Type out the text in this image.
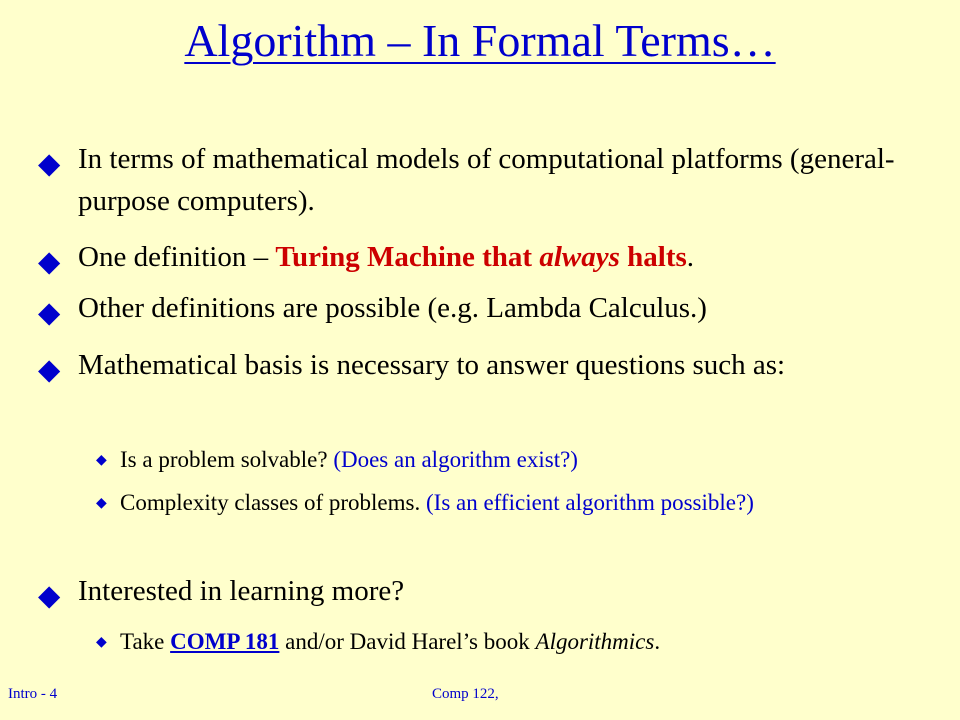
Algorithm – In Formal Terms…
◆ In terms of mathematical models of computational platforms (general-purpose computers).
◆ One definition – Turing Machine that always halts.
◆ Other definitions are possible (e.g. Lambda Calculus.)
◆ Mathematical basis is necessary to answer questions such as:
◆ Is a problem solvable? (Does an algorithm exist?)
◆ Complexity classes of problems. (Is an efficient algorithm possible?)
◆ Interested in learning more?
◆ Take COMP 181 and/or David Harel’s book Algorithmics.
Intro - 4	Comp 122,
